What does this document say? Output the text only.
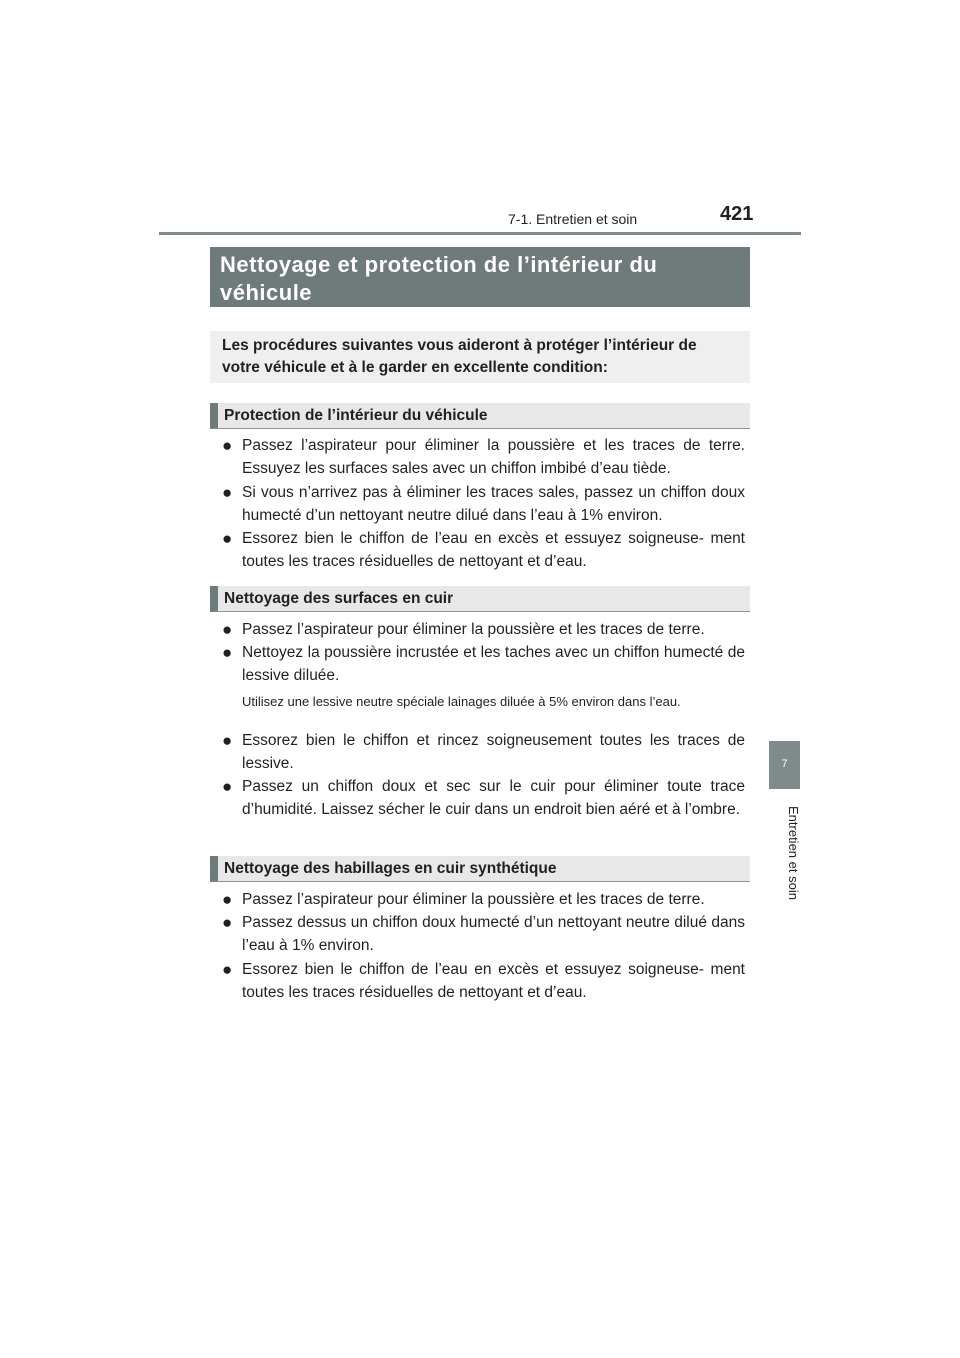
7-1. Entretien et soin	421
7
Entretien et soin
Nettoyage et protection de l’intérieur du véhicule
Les procédures suivantes vous aideront à protéger l’intérieur de votre véhicule et à le garder en excellente condition:
Protection de l’intérieur du véhicule
● Passez l’aspirateur pour éliminer la poussière et les traces de terre. Essuyez les surfaces sales avec un chiffon imbibé d’eau tiède.
● Si vous n’arrivez pas à éliminer les traces sales, passez un chiffon doux humecté d’un nettoyant neutre dilué dans l’eau à 1% environ.
● Essorez bien le chiffon de l’eau en excès et essuyez soigneuse- ment toutes les traces résiduelles de nettoyant et d’eau.
Nettoyage des surfaces en cuir
● Passez l’aspirateur pour éliminer la poussière et les traces de terre.
● Nettoyez la poussière incrustée et les taches avec un chiffon humecté de lessive diluée.
Utilisez une lessive neutre spéciale lainages diluée à 5% environ dans l’eau.
● Essorez bien le chiffon et rincez soigneusement toutes les traces de lessive.
● Passez un chiffon doux et sec sur le cuir pour éliminer toute trace d’humidité. Laissez sécher le cuir dans un endroit bien aéré et à l’ombre.
Nettoyage des habillages en cuir synthétique
● Passez l’aspirateur pour éliminer la poussière et les traces de terre.
● Passez dessus un chiffon doux humecté d’un nettoyant neutre dilué dans l’eau à 1% environ.
● Essorez bien le chiffon de l’eau en excès et essuyez soigneuse- ment toutes les traces résiduelles de nettoyant et d’eau.
